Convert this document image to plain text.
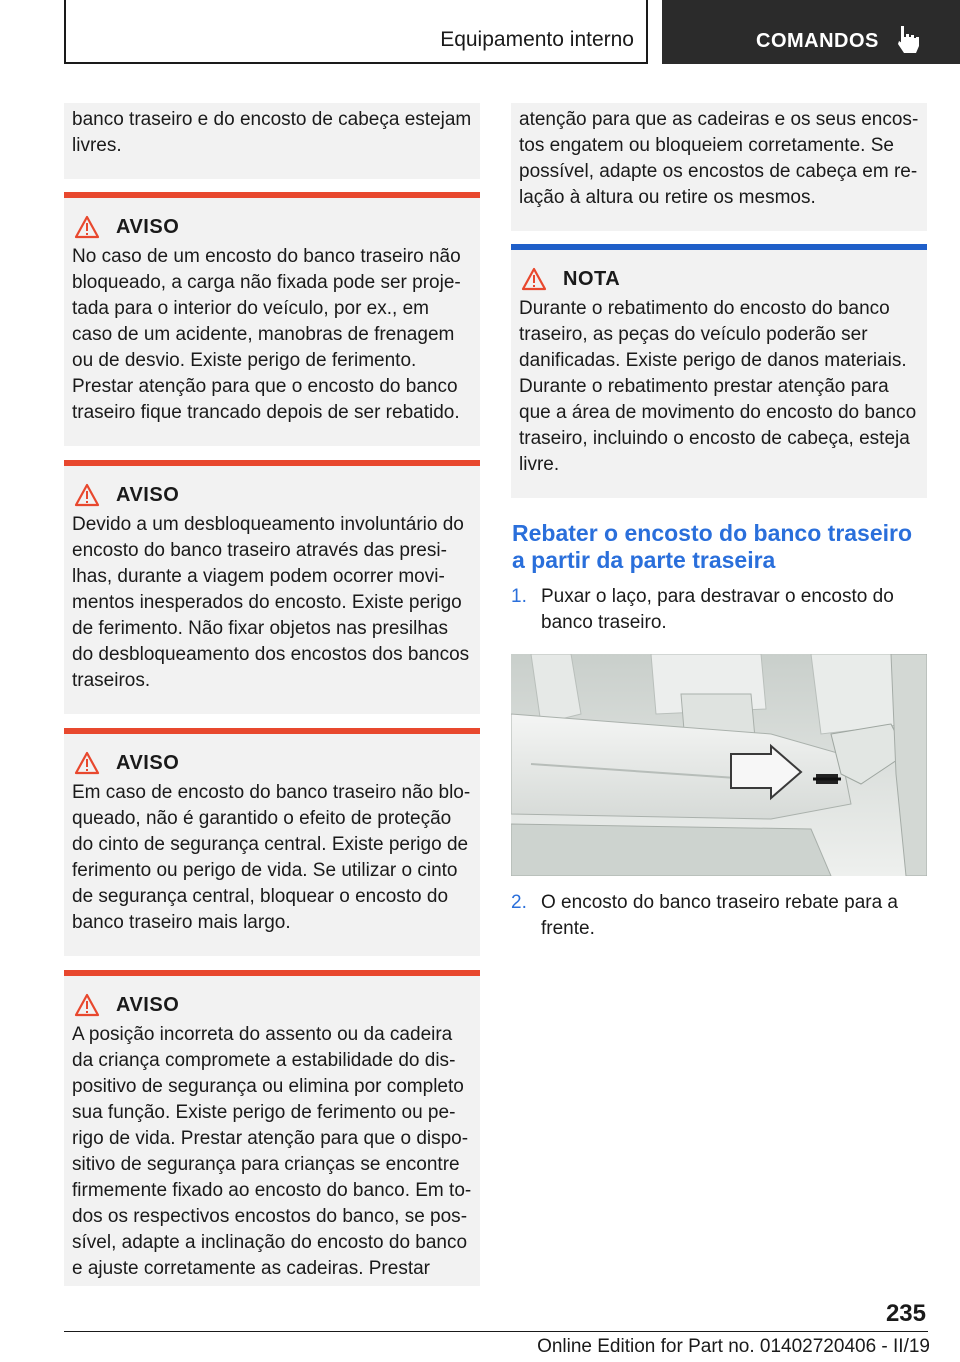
Equipamento interno	COMANDOS
banco traseiro e do encosto de cabeça estejam livres.
AVISO
No caso de um encosto do banco traseiro não bloqueado, a carga não fixada pode ser projetada para o interior do veículo, por ex., em caso de um acidente, manobras de frenagem ou de desvio. Existe perigo de ferimento. Prestar atenção para que o encosto do banco traseiro fique trancado depois de ser rebatido.
AVISO
Devido a um desbloqueamento involuntário do encosto do banco traseiro através das presilhas, durante a viagem podem ocorrer movimentos inesperados do encosto. Existe perigo de ferimento. Não fixar objetos nas presilhas do desbloqueamento dos encostos dos bancos traseiros.
AVISO
Em caso de encosto do banco traseiro não bloqueado, não é garantido o efeito de proteção do cinto de segurança central. Existe perigo de ferimento ou perigo de vida. Se utilizar o cinto de segurança central, bloquear o encosto do banco traseiro mais largo.
AVISO
A posição incorreta do assento ou da cadeira da criança compromete a estabilidade do dispositivo de segurança ou elimina por completo sua função. Existe perigo de ferimento ou perigo de vida. Prestar atenção para que o dispositivo de segurança para crianças se encontre firmemente fixado ao encosto do banco. Em todos os respectivos encostos do banco, se possível, adapte a inclinação do encosto do banco e ajuste corretamente as cadeiras. Prestar
atenção para que as cadeiras e os seus encostos engatem ou bloqueiem corretamente. Se possível, adapte os encostos de cabeça em relação à altura ou retire os mesmos.
NOTA
Durante o rebatimento do encosto do banco traseiro, as peças do veículo poderão ser danificadas. Existe perigo de danos materiais. Durante o rebatimento prestar atenção para que a área de movimento do encosto do banco traseiro, incluindo o encosto de cabeça, esteja livre.
Rebater o encosto do banco traseiro a partir da parte traseira
1. Puxar o laço, para destravar o encosto do banco traseiro.
2. O encosto do banco traseiro rebate para a frente.
235
Online Edition for Part no. 01402720406 - II/19
